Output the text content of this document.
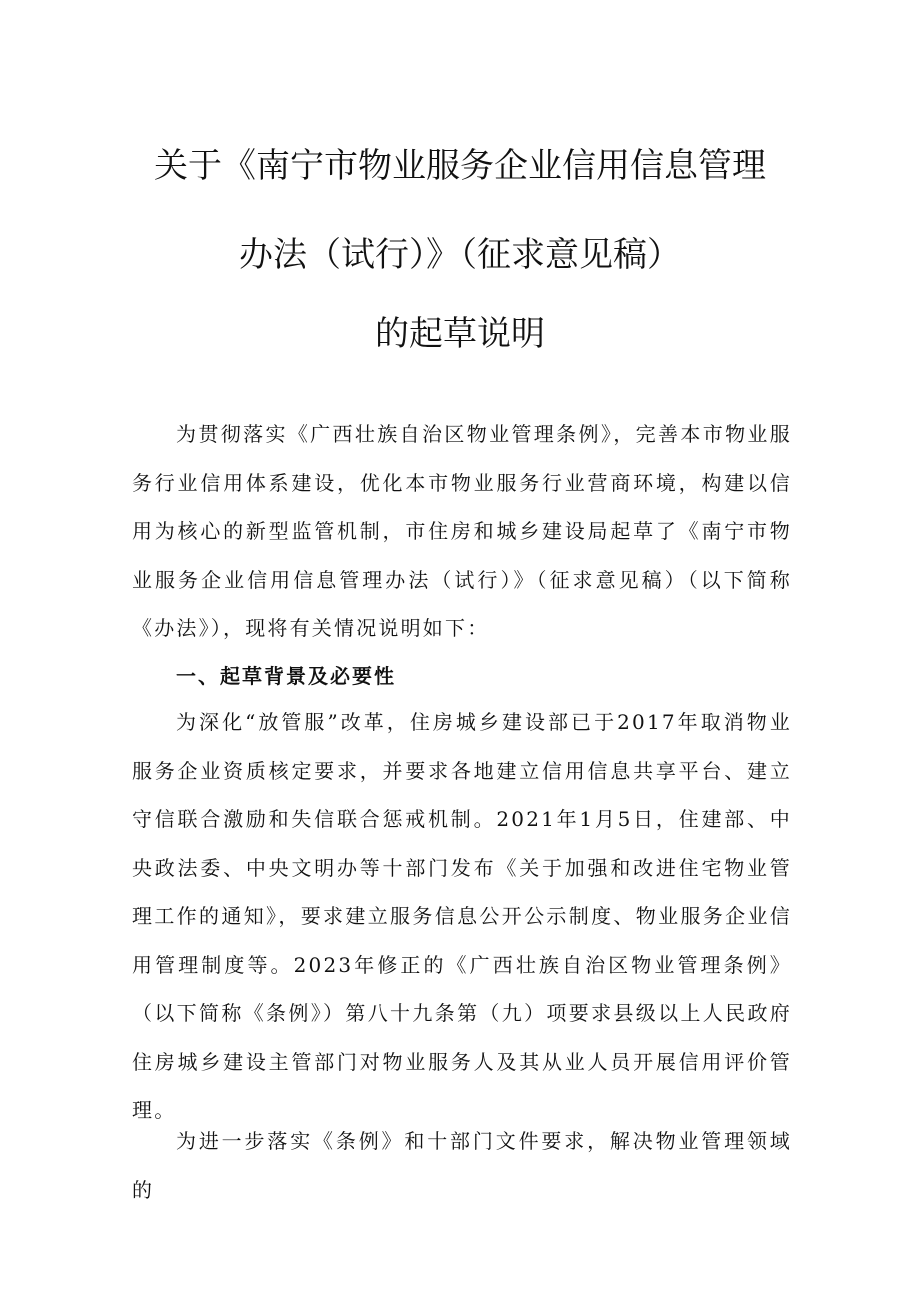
关于《南宁市物业服务企业信用信息管理
办法（试行）》（征求意见稿）
的起草说明

为贯彻落实《广西壮族自治区物业管理条例》，完善本市物业服务行业信用体系建设，优化本市物业服务行业营商环境，构建以信用为核心的新型监管机制，市住房和城乡建设局起草了《南宁市物业服务企业信用信息管理办法（试行）》（征求意见稿）（以下简称《办法》），现将有关情况说明如下：

一、起草背景及必要性

为深化“放管服”改革，住房城乡建设部已于2017年取消物业服务企业资质核定要求，并要求各地建立信用信息共享平台、建立守信联合激励和失信联合惩戒机制。2021年1月5日，住建部、中央政法委、中央文明办等十部门发布《关于加强和改进住宅物业管理工作的通知》，要求建立服务信息公开公示制度、物业服务企业信用管理制度等。2023年修正的《广西壮族自治区物业管理条例》（以下简称《条例》）第八十九条第（九）项要求县级以上人民政府住房城乡建设主管部门对物业服务人及其从业人员开展信用评价管理。

为进一步落实《条例》和十部门文件要求，解决物业管理领域的
